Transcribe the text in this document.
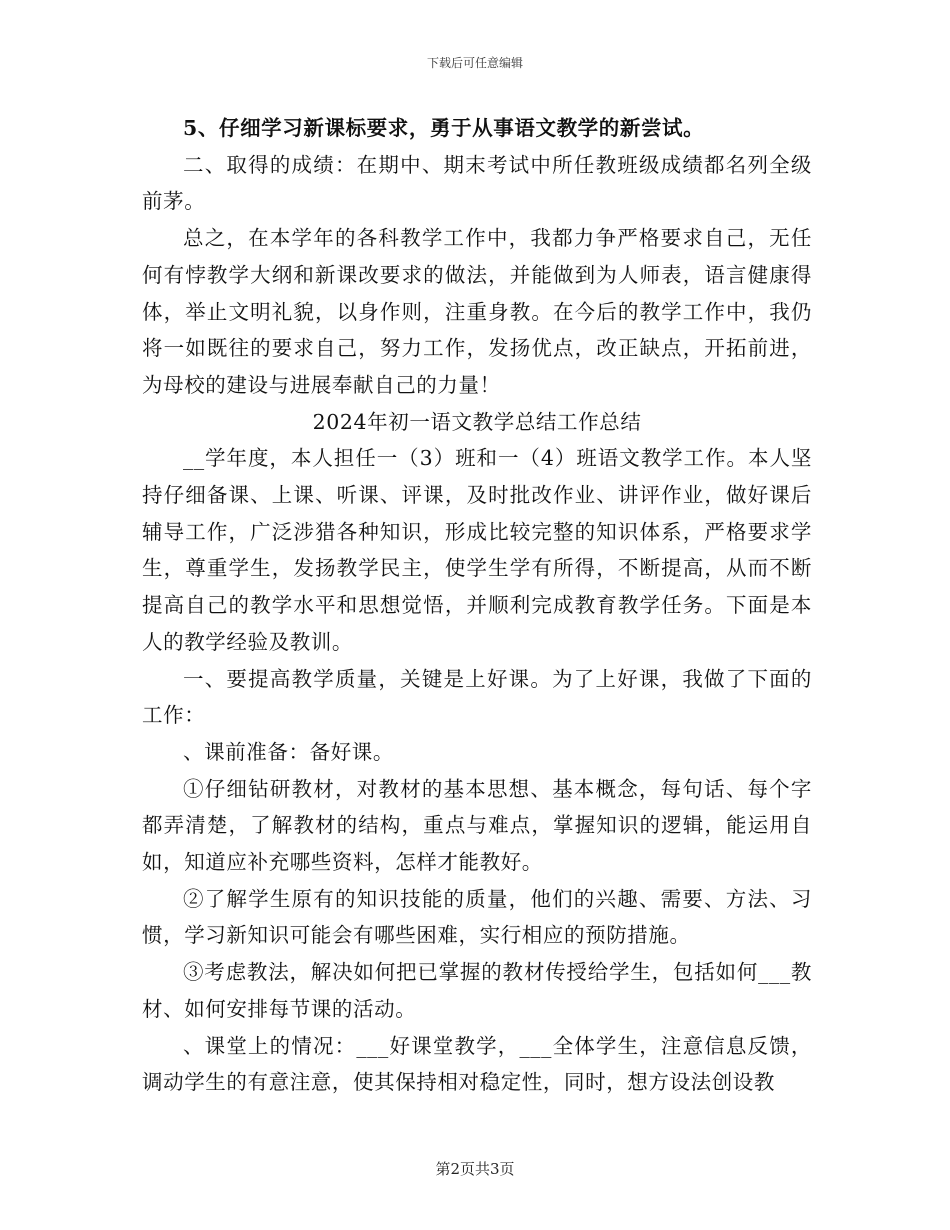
下载后可任意编辑

5、仔细学习新课标要求，勇于从事语文教学的新尝试。

二、取得的成绩：在期中、期末考试中所任教班级成绩都名列全级前茅。

总之，在本学年的各科教学工作中，我都力争严格要求自己，无任何有悖教学大纲和新课改要求的做法，并能做到为人师表，语言健康得体，举止文明礼貌，以身作则，注重身教。在今后的教学工作中，我仍将一如既往的要求自己，努力工作，发扬优点，改正缺点，开拓前进，为母校的建设与进展奉献自己的力量！

2024年初一语文教学总结工作总结

__学年度，本人担任一（3）班和一（4）班语文教学工作。本人坚持仔细备课、上课、听课、评课，及时批改作业、讲评作业，做好课后辅导工作，广泛涉猎各种知识，形成比较完整的知识体系，严格要求学生，尊重学生，发扬教学民主，使学生学有所得，不断提高，从而不断提高自己的教学水平和思想觉悟，并顺利完成教育教学任务。下面是本人的教学经验及教训。

一、要提高教学质量，关键是上好课。为了上好课，我做了下面的工作：

、课前准备：备好课。

①仔细钻研教材，对教材的基本思想、基本概念，每句话、每个字都弄清楚，了解教材的结构，重点与难点，掌握知识的逻辑，能运用自如，知道应补充哪些资料，怎样才能教好。

②了解学生原有的知识技能的质量，他们的兴趣、需要、方法、习惯，学习新知识可能会有哪些困难，实行相应的预防措施。

③考虑教法，解决如何把已掌握的教材传授给学生，包括如何___教材、如何安排每节课的活动。

、课堂上的情况：___好课堂教学，___全体学生，注意信息反馈，调动学生的有意注意，使其保持相对稳定性，同时，想方设法创设教

第2页共3页
